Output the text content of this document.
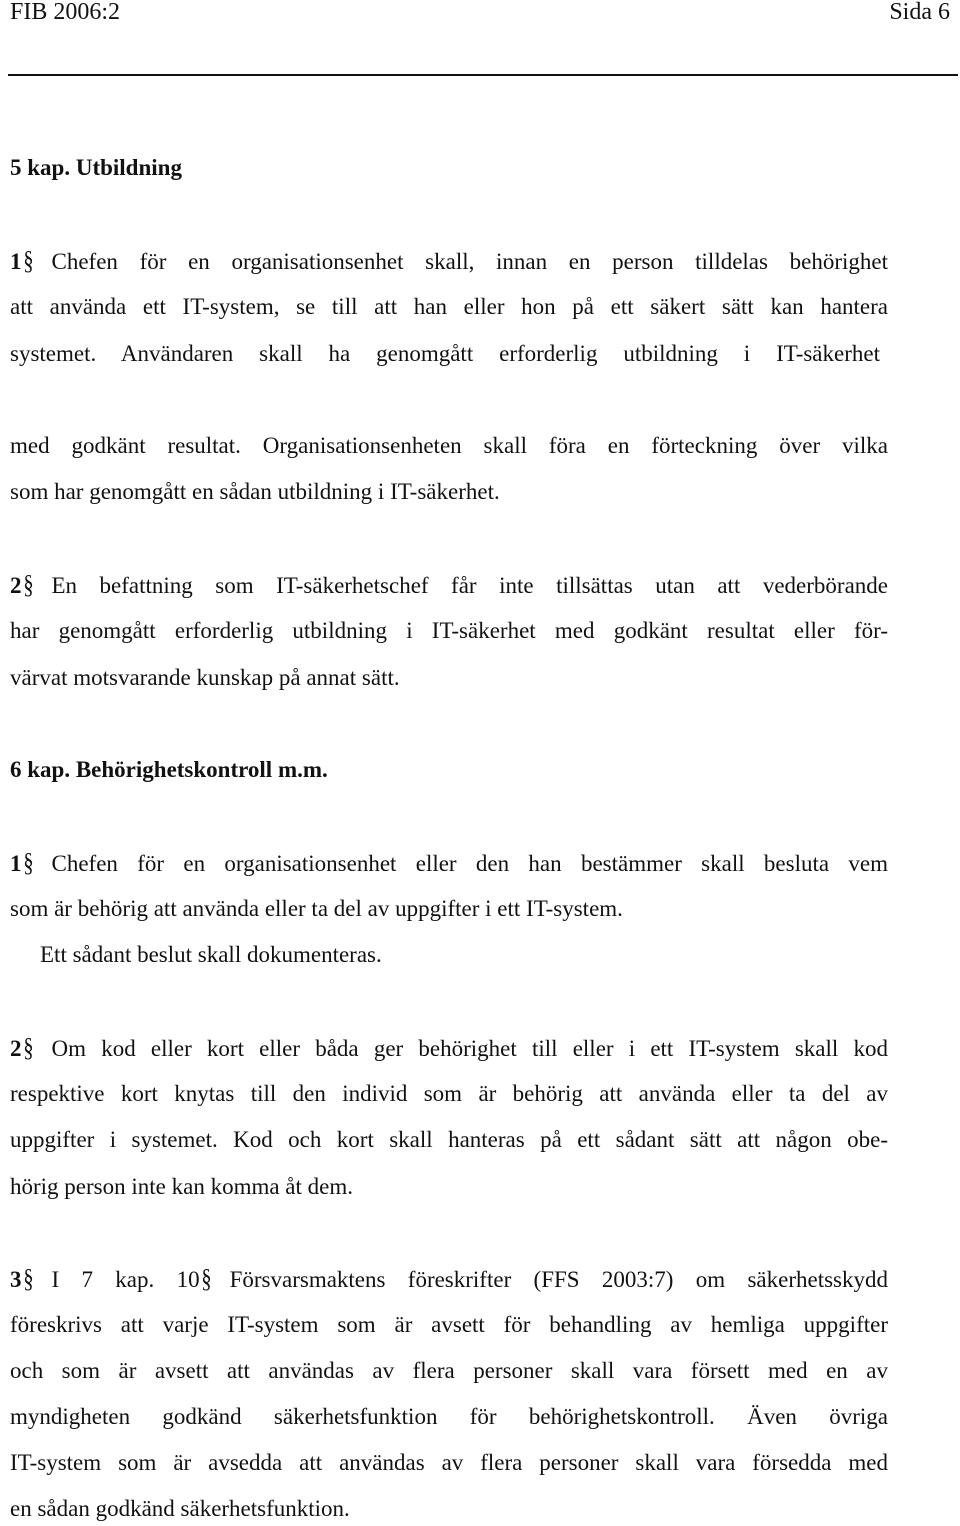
FIB 2006:2	Sida 6
5 kap. Utbildning
1§ Chefen för en organisationsenhet skall, innan en person tilldelas behörighet
att använda ett IT-system, se till att han eller hon på ett säkert sätt kan hantera
systemet. Användaren skall ha genomgått erforderlig utbildning i IT-säkerhet
med godkänt resultat. Organisationsenheten skall föra en förteckning över vilka
som har genomgått en sådan utbildning i IT-säkerhet.
2§ En befattning som IT-säkerhetschef får inte tillsättas utan att vederbörande
har genomgått erforderlig utbildning i IT-säkerhet med godkänt resultat eller för-
värvat motsvarande kunskap på annat sätt.
6 kap. Behörighetskontroll m.m.
1§ Chefen för en organisationsenhet eller den han bestämmer skall besluta vem
som är behörig att använda eller ta del av uppgifter i ett IT-system.
Ett sådant beslut skall dokumenteras.
2§ Om kod eller kort eller båda ger behörighet till eller i ett IT-system skall kod
respektive kort knytas till den individ som är behörig att använda eller ta del av
uppgifter i systemet. Kod och kort skall hanteras på ett sådant sätt att någon obe-
hörig person inte kan komma åt dem.
3§ I 7 kap. 10§ Försvarsmaktens föreskrifter (FFS 2003:7) om säkerhetsskydd
föreskrivs att varje IT-system som är avsett för behandling av hemliga uppgifter
och som är avsett att användas av flera personer skall vara försett med en av
myndigheten godkänd säkerhetsfunktion för behörighetskontroll. Även övriga
IT-system som är avsedda att användas av flera personer skall vara försedda med
en sådan godkänd säkerhetsfunktion.
